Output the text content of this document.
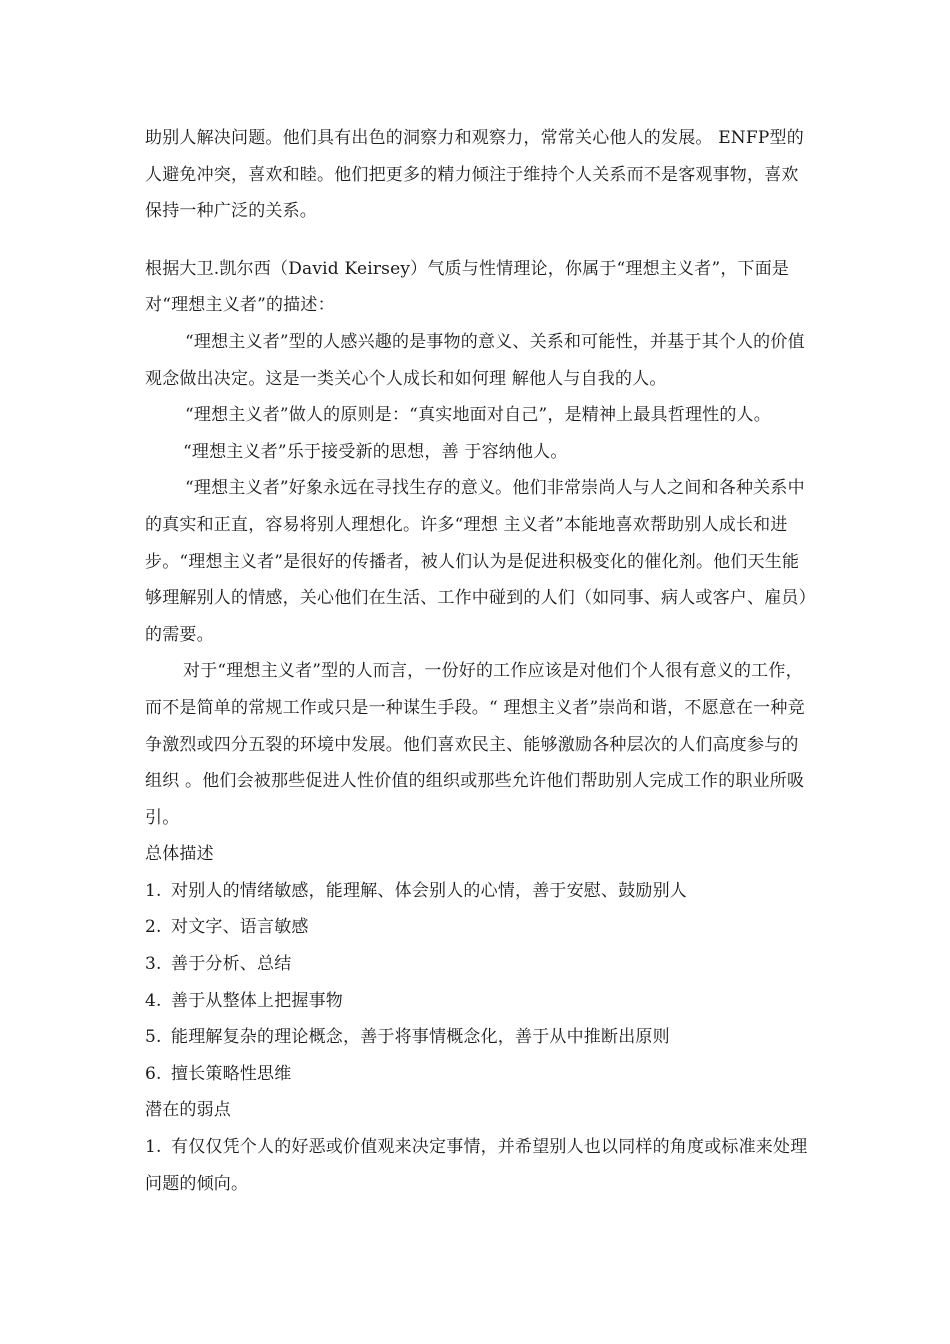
助别人解决问题。他们具有出色的洞察力和观察力，常常关心他人的发展。 ENFP型的 人避免冲突，喜欢和睦。他们把更多的精力倾注于维持个人关系而不是客观事物，喜欢保持一种广泛的关系。

根据大卫.凯尔西（David Keirsey）气质与性情理论，你属于“理想主义者”，下面是对“理想主义者”的描述：

“理想主义者”型的人感兴趣的是事物的意义、关系和可能性，并基于其个人的价值观念做出决定。这是一类关心个人成长和如何理 解他人与自我的人。

“理想主义者”做人的原则是：“真实地面对自己”，是精神上最具哲理性的人。

“理想主义者”乐于接受新的思想，善 于容纳他人。

“理想主义者”好象永远在寻找生存的意义。他们非常崇尚人与人之间和各种关系中的真实和正直，容易将别人理想化。许多“理想 主义者”本能地喜欢帮助别人成长和进步。“理想主义者”是很好的传播者，被人们认为是促进积极变化的催化剂。他们天生能够理解别人的情感，关心他们在生活、工作中碰到的人们（如同事、病人或客户、雇员）的需要。

对于“理想主义者”型的人而言，一份好的工作应该是对他们个人很有意义的工作，而不是简单的常规工作或只是一种谋生手段。“ 理想主义者”崇尚和谐，不愿意在一种竞争激烈或四分五裂的环境中发展。他们喜欢民主、能够激励各种层次的人们高度参与的组织 。他们会被那些促进人性价值的组织或那些允许他们帮助别人完成工作的职业所吸引。

总体描述

1. 对别人的情绪敏感，能理解、体会别人的心情，善于安慰、鼓励别人
2. 对文字、语言敏感
3. 善于分析、总结
4. 善于从整体上把握事物
5. 能理解复杂的理论概念，善于将事情概念化，善于从中推断出原则
6. 擅长策略性思维

潜在的弱点

1. 有仅仅凭个人的好恶或价值观来决定事情，并希望别人也以同样的角度或标准来处理问题的倾向。
